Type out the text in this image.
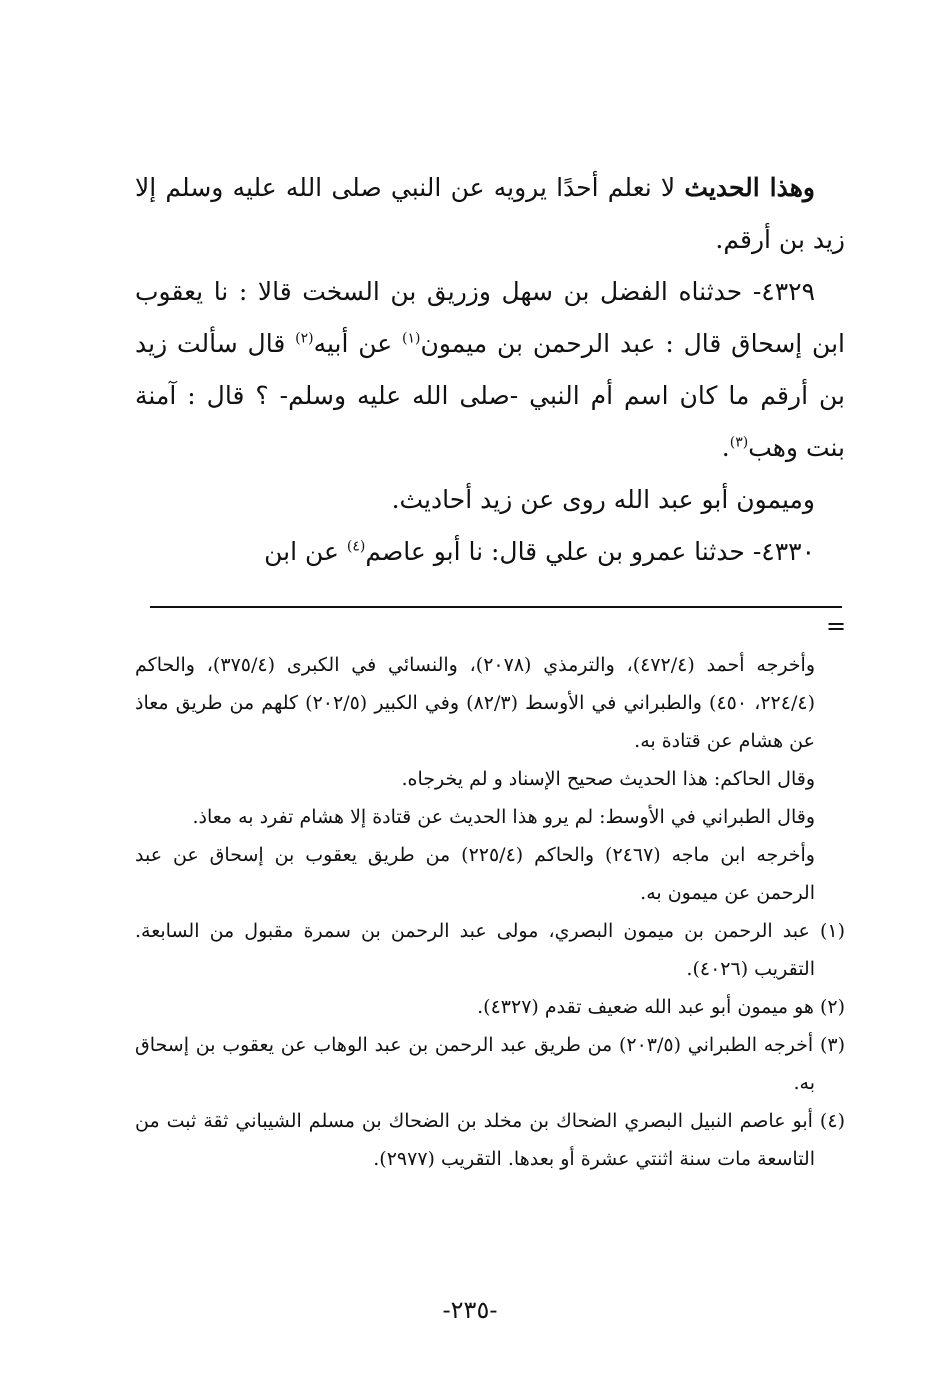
وهذا الحديث لا نعلم أحدًا يرويه عن النبي صلى الله عليه وسلم إلا زيد بن أرقم.

٤٣٢٩- حدثناه الفضل بن سهل وزريق بن السخت قالا : نا يعقوب ابن إسحاق قال : عبد الرحمن بن ميمون$^{(١)}$ عن أبيه$^{(٢)}$ قال سألت زيد بن أرقم ما كان اسم أم النبي -صلى الله عليه وسلم- ؟ قال : آمنة بنت وهب$^{(٣)}$.

وميمون أبو عبد الله روى عن زيد أحاديث.

٤٣٣٠- حدثنا عمرو بن علي قال: نا أبو عاصم$^{(٤)}$ عن ابن

=

وأخرجه أحمد (٤٧٢/٤)، والترمذي (٢٠٧٨)، والنسائي في الكبرى (٣٧٥/٤)، والحاكم (٢٢٤/٤، ٤٥٠) والطبراني في الأوسط (٨٢/٣) وفي الكبير (٢٠٢/٥) كلهم من طريق معاذ عن هشام عن قتادة به.

وقال الحاكم: هذا الحديث صحيح الإسناد و لم يخرجاه.

وقال الطبراني في الأوسط: لم يرو هذا الحديث عن قتادة إلا هشام تفرد به معاذ.

وأخرجه ابن ماجه (٢٤٦٧) والحاكم (٢٢٥/٤) من طريق يعقوب بن إسحاق عن عبد الرحمن عن ميمون به.

(١) عبد الرحمن بن ميمون البصري، مولى عبد الرحمن بن سمرة مقبول من السابعة. التقريب (٤٠٢٦).

(٢) هو ميمون أبو عبد الله ضعيف تقدم (٤٣٢٧).

(٣) أخرجه الطبراني (٢٠٣/٥) من طريق عبد الرحمن بن عبد الوهاب عن يعقوب بن إسحاق به.

(٤) أبو عاصم النبيل البصري الضحاك بن مخلد بن الضحاك بن مسلم الشيباني ثقة ثبت من التاسعة مات سنة اثنتي عشرة أو بعدها. التقريب (٢٩٧٧).

-٢٣٥-
